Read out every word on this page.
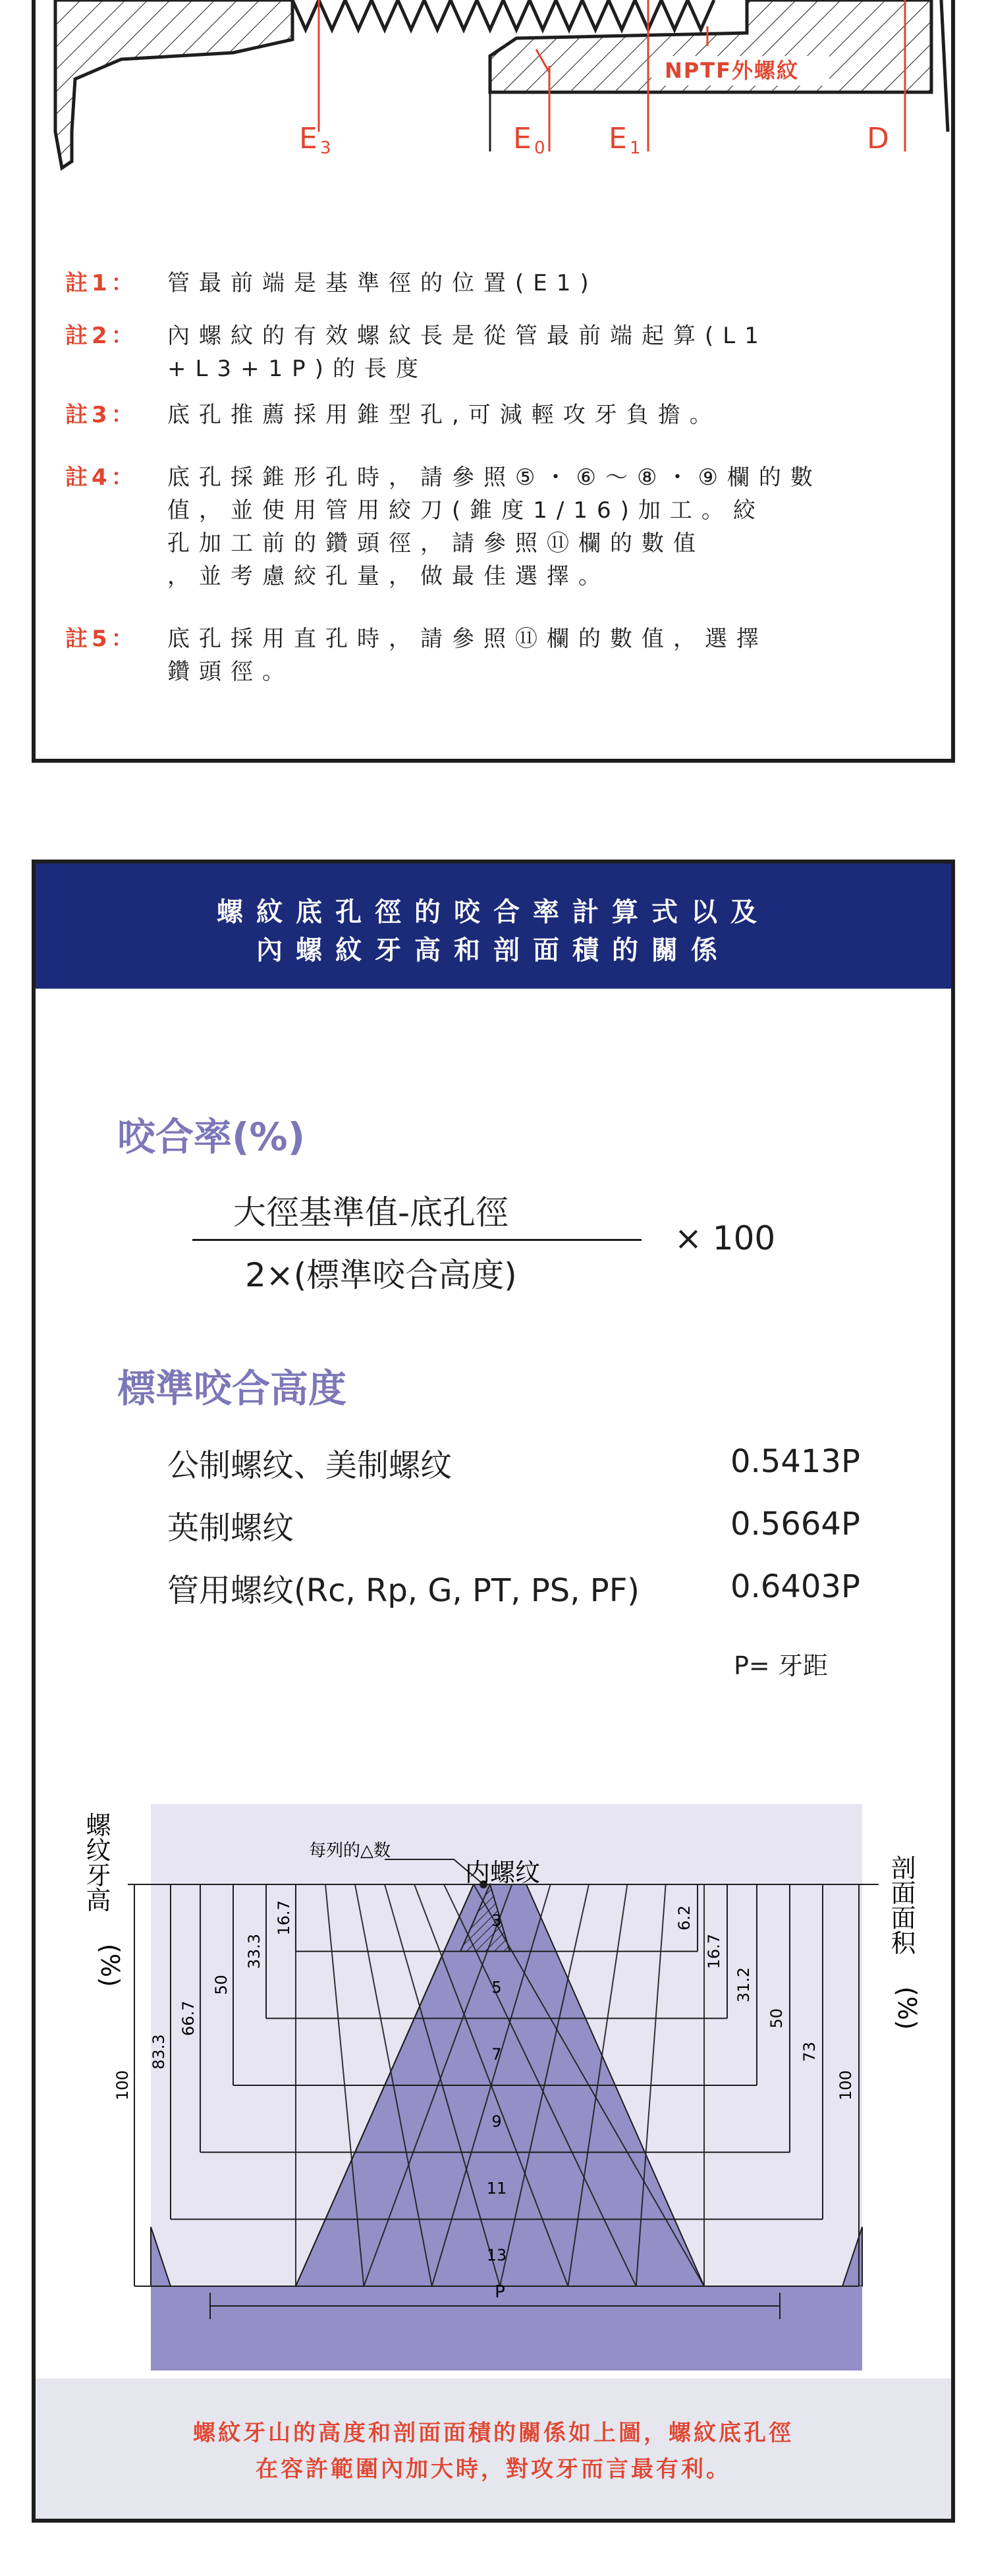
NPTF外螺紋
E 3	E 0 E 1	D
註1： 管最前端是基準徑的位置(E1)
註2： 內螺紋的有效螺紋長是從管最前端起算(L1
+L3+1P)的長度
註3： 底孔推薦採用錐型孔,可減輕攻牙負擔。
註4： 底孔採錐形孔時，請參照⑤・⑥～⑧・⑨欄的數
值，並使用管用絞刀(錐度1/16)加工。絞
孔加工前的鑽頭徑，請參照⑪欄的數值
，並考慮絞孔量，做最佳選擇。
註5： 底孔採用直孔時，請參照⑪欄的數值，選擇
鑽頭徑。
螺紋底孔徑的咬合率計算式以及
內螺紋牙高和剖面積的關係
咬合率(%)
大徑基準值-底孔徑
2×(標準咬合高度)
× 100
標準咬合高度
公制螺纹、美制螺纹	0.5413P
英制螺纹	0.5664P
管用螺纹(Rc, Rp, G, PT, PS, PF)	0.6403P
P= 牙距
3
5
7
9
11
13
100
83.3
66.7
50
33.3
16.7	6.2
16.7
31.2
50
73
100
每列的△数
内螺纹
螺纹牙高
(%)
剖面面积
(%)
P
螺紋牙山的高度和剖面面積的關係如上圖，螺紋底孔徑
在容許範圍內加大時，對攻牙而言最有利。
